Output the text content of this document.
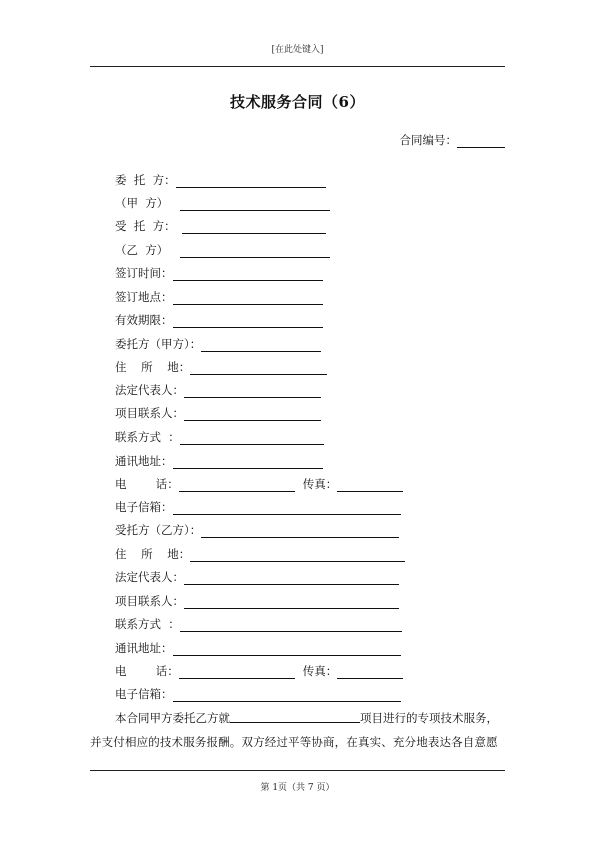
[在此处键入]
技术服务合同（6）
合同编号：
委  托  方：
（甲  方）
受  托  方：
（乙  方）
签订时间：
签订地点：
有效期限：
委托方（甲方）：
住    所    地：
法定代表人：
项目联系人：
联系方式  ：
通讯地址：
电        话：	传真：
电子信箱：
受托方（乙方）：
住    所    地：
法定代表人：
项目联系人：
联系方式  ：
通讯地址：
电        话：	传真：
电子信箱：
本合同甲方委托乙方就	项目进行的专项技术服务，
并支付相应的技术服务报酬。双方经过平等协商，在真实、充分地表达各自意愿
第 1页（共 7 页）
